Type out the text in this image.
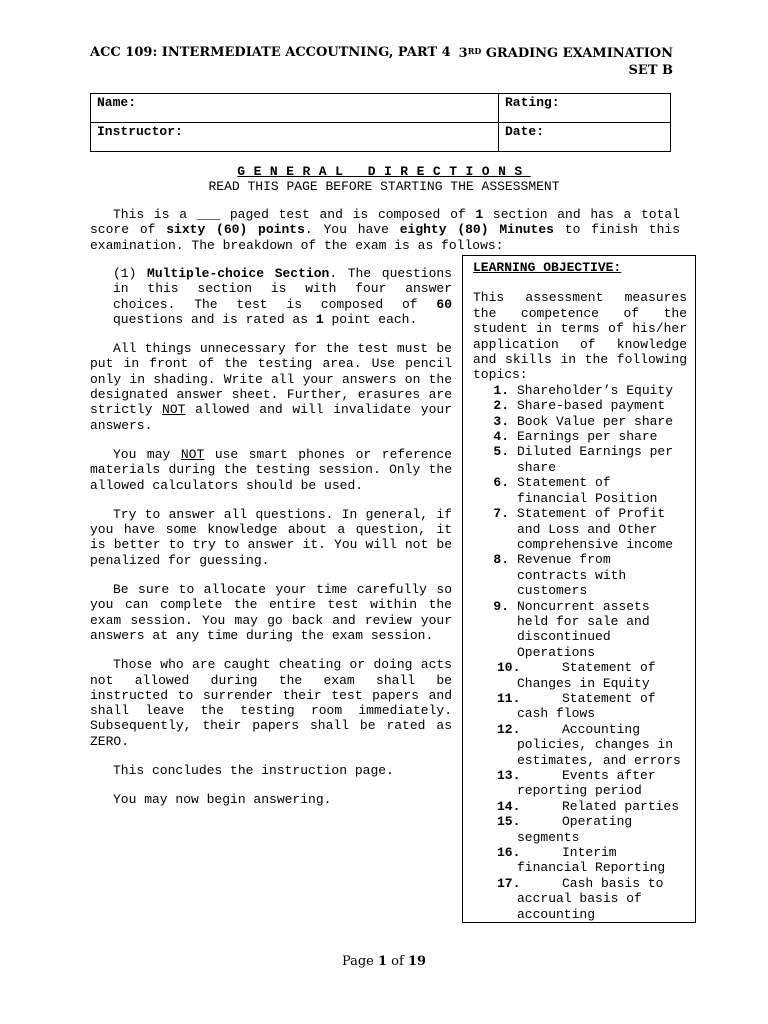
ACC 109: INTERMEDIATE ACCOUTNING, PART 4 3RD GRADING EXAMINATION
SET B
Name:	Rating:
Instructor:	Date:
GENERAL DIRECTIONS
READ THIS PAGE BEFORE STARTING THE ASSESSMENT

This is a ___ paged test and is composed of 1 section and has a total score of sixty (60) points. You have eighty (80) Minutes to finish this examination. The breakdown of the exam is as follows:

(1) Multiple-choice Section. The questions in this section is with four answer choices. The test is composed of 60 questions and is rated as 1 point each.

All things unnecessary for the test must be put in front of the testing area. Use pencil only in shading. Write all your answers on the designated answer sheet. Further, erasures are strictly NOT allowed and will invalidate your answers.

You may NOT use smart phones or reference materials during the testing session. Only the allowed calculators should be used.

Try to answer all questions. In general, if you have some knowledge about a question, it is better to try to answer it. You will not be penalized for guessing.

Be sure to allocate your time carefully so you can complete the entire test within the exam session. You may go back and review your answers at any time during the exam session.

Those who are caught cheating or doing acts not allowed during the exam shall be instructed to surrender their test papers and shall leave the testing room immediately. Subsequently, their papers shall be rated as ZERO.

This concludes the instruction page.

You may now begin answering.

LEARNING OBJECTIVE:

This assessment measures the competence of the student in terms of his/her application of knowledge and skills in the following topics:

1. Shareholder’s Equity
2. Share-based payment
3. Book Value per share
4. Earnings per share
5. Diluted Earnings per share
6. Statement of financial Position
7. Statement of Profit and Loss and Other comprehensive income
8. Revenue from contracts with customers
9. Noncurrent assets held for sale and discontinued Operations
10.	Statement of Changes in Equity
11.	Statement of cash flows
12.	Accounting policies, changes in estimates, and errors
13.	Events after reporting period
14.	Related parties
15.	Operating segments
16.	Interim financial Reporting
17.	Cash basis to accrual basis of accounting
Page 1 of 19
